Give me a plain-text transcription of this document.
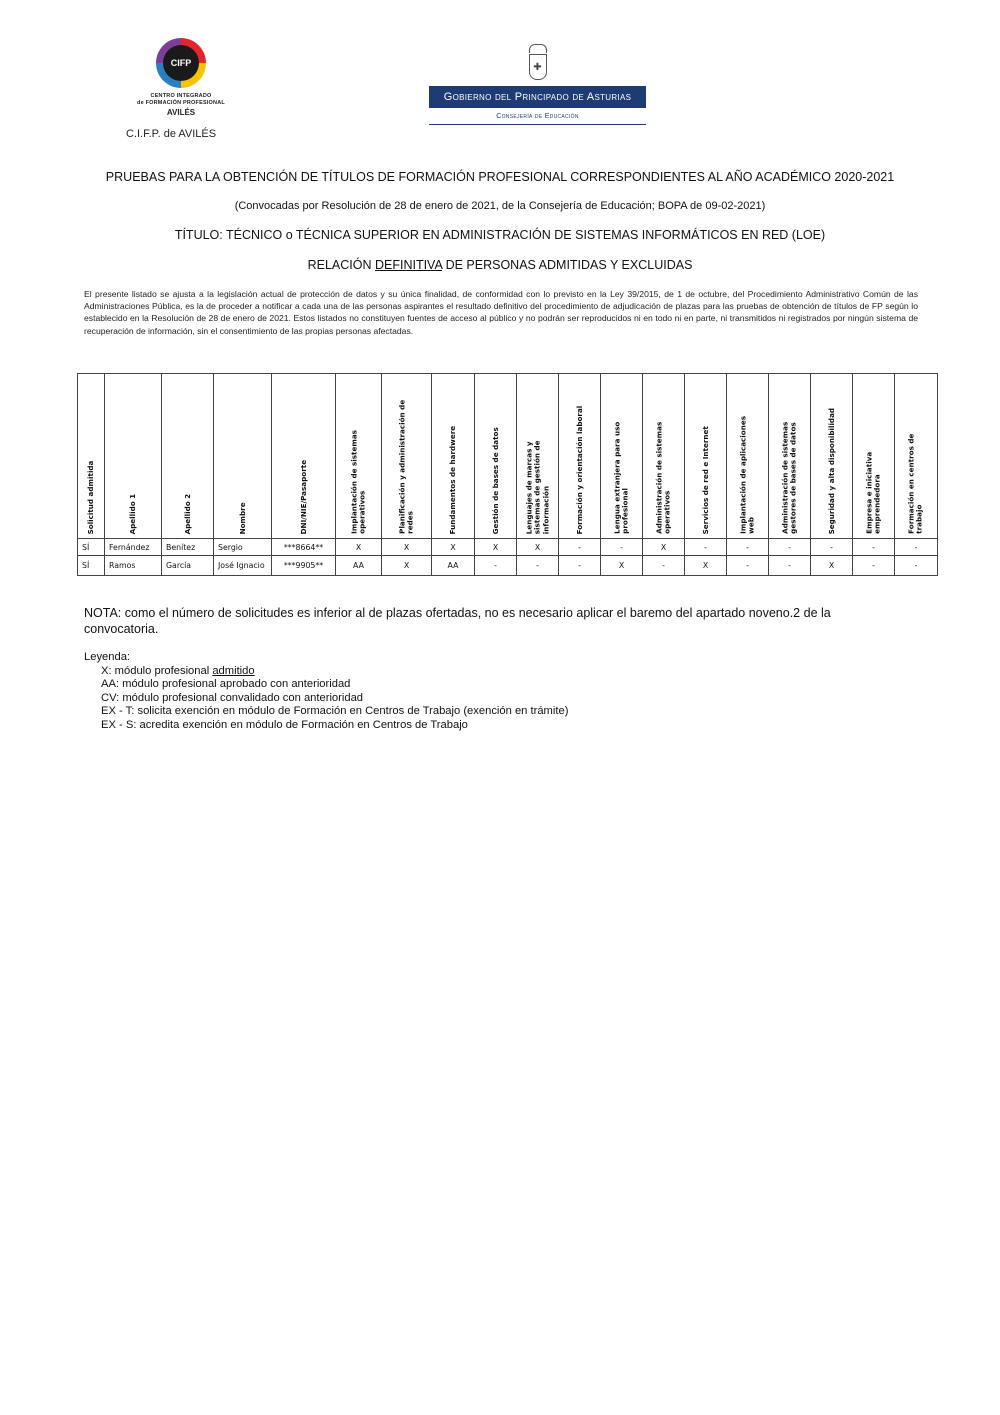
CIFP
CENTRO INTEGRADO
de FORMACIÓN PROFESIONAL
AVILÉS
C.I.F.P. de AVILÉS
✚
Gobierno del Principado de Asturias
Consejería de Educación
PRUEBAS PARA LA OBTENCIÓN DE TÍTULOS DE FORMACIÓN PROFESIONAL CORRESPONDIENTES AL AÑO ACADÉMICO 2020-2021
(Convocadas por Resolución de 28 de enero de 2021, de la Consejería de Educación; BOPA de 09-02-2021)
TÍTULO: TÉCNICO o TÉCNICA SUPERIOR EN ADMINISTRACIÓN DE SISTEMAS INFORMÁTICOS EN RED (LOE)
RELACIÓN DEFINITIVA DE PERSONAS ADMITIDAS Y EXCLUIDAS
El presente listado se ajusta a la legislación actual de protección de datos y su única finalidad, de conformidad con lo previsto en la Ley 39/2015, de 1 de octubre, del Procedimiento Administrativo Común de las Administraciones Pública, es la de proceder a notificar a cada una de las personas aspirantes el resultado definitivo del procedimiento de adjudicación de plazas para las pruebas de obtención de títulos de FP según lo establecido en la Resolución de 28 de enero de 2021. Estos listados no constituyen fuentes de acceso al público y no podrán ser reproducidos ni en todo ni en parte, ni transmitidos ni registrados por ningún sistema de recuperación de información, sin el consentimiento de las propias personas afectadas.
Solicitud admitida	Apellido 1	Apellido 2	Nombre	DNI/NIE/Pasaporte	Implantación de sistemas operativos	Planificación y administración de redes	Fundamentos de hardwere	Gestión de bases de datos	Lenguajes de marcas y sistemas de gestión de información	Formación y orientación laboral	Lengua extranjera para uso profesional	Administración de sistemas operativos	Servicios de red e Internet	Implantación de aplicaciones web	Administración de sistemas gestores de bases de datos	Seguridad y alta disponibilidad	Empresa e iniciativa emprendedora	Formación en centros de trabajo

SÍ	Fernández	Benítez	Sergio	***8664**	X	X	X	X	X	-	-	X	-	-	-	-	-	-
SÍ	Ramos	García	José Ignacio	***9905**	AA	X	AA	-	-	-	X	-	X	-	-	X	-	-
NOTA: como el número de solicitudes es inferior al de plazas ofertadas, no es necesario aplicar el baremo del apartado noveno.2 de la convocatoria.
Leyenda:
X: módulo profesional admitido
AA: módulo profesional aprobado con anterioridad
CV: módulo profesional convalidado con anterioridad
EX - T: solicita exención en módulo de Formación en Centros de Trabajo (exención en trámite)
EX - S: acredita exención en módulo de Formación en Centros de Trabajo
